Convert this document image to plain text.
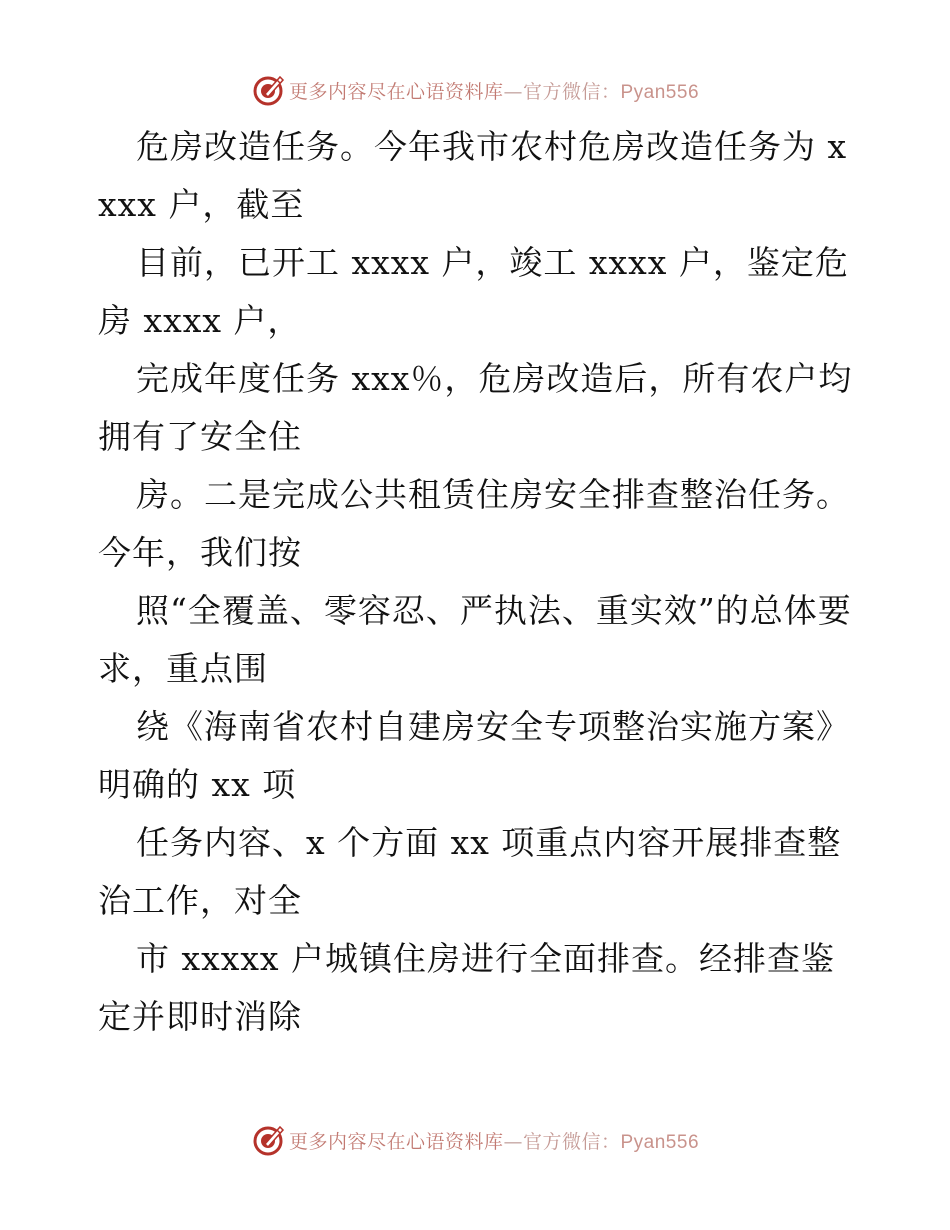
更多内容尽在心语资料库—官方微信：Pyan556

危房改造任务。今年我市农村危房改造任务为 xxxx 户，截至

目前，已开工 xxxx 户，竣工 xxxx 户，鉴定危房 xxxx 户，

完成年度任务 xxx％，危房改造后，所有农户均拥有了安全住

房。二是完成公共租赁住房安全排查整治任务。今年，我们按

照“全覆盖、零容忍、严执法、重实效”的总体要求，重点围

绕《海南省农村自建房安全专项整治实施方案》明确的 xx 项

任务内容、x 个方面 xx 项重点内容开展排查整治工作，对全

市 xxxxx 户城镇住房进行全面排查。经排查鉴定并即时消除

更多内容尽在心语资料库—官方微信：Pyan556
